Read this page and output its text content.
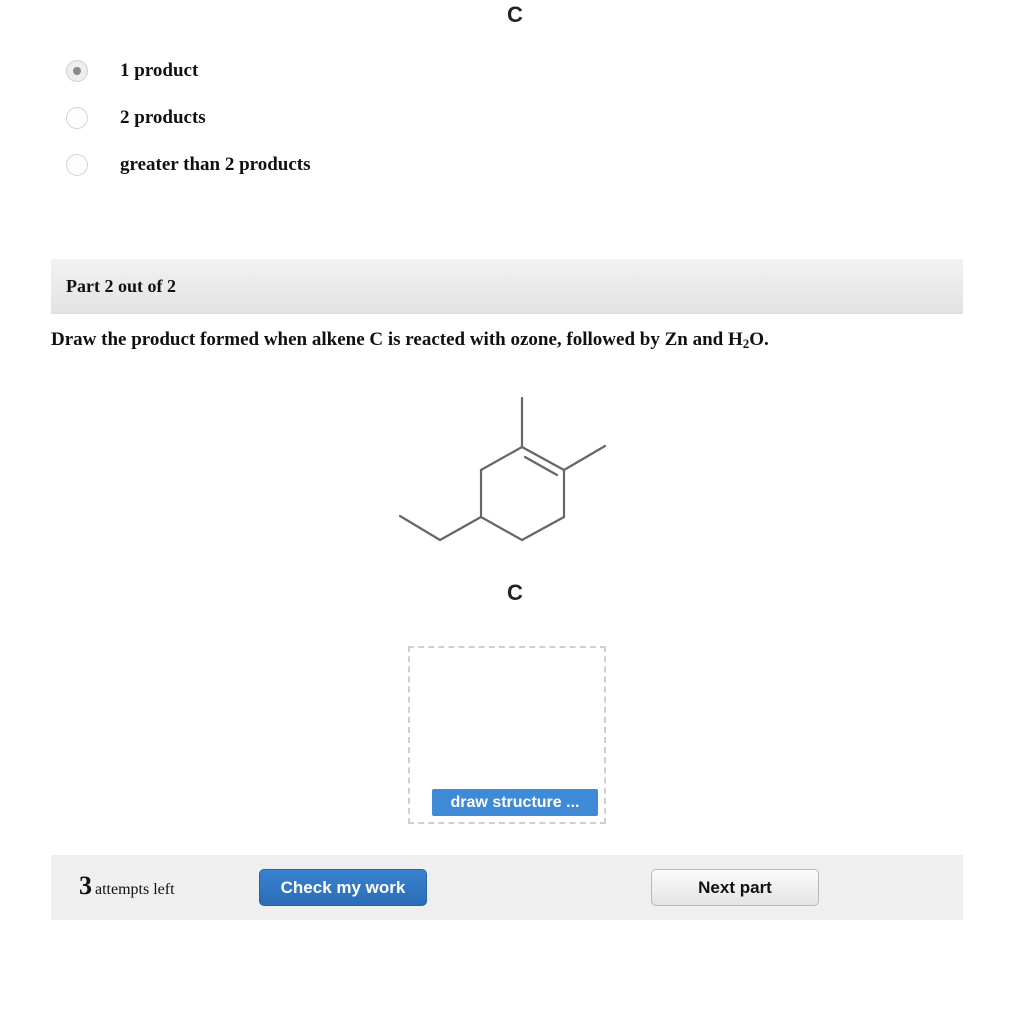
C
1 product
2 products
greater than 2 products
Part 2 out of 2
Draw the product formed when alkene C is reacted with ozone, followed by Zn and $H_2O$.
C
draw structure ...
3 attempts left	Check my work	Next part
